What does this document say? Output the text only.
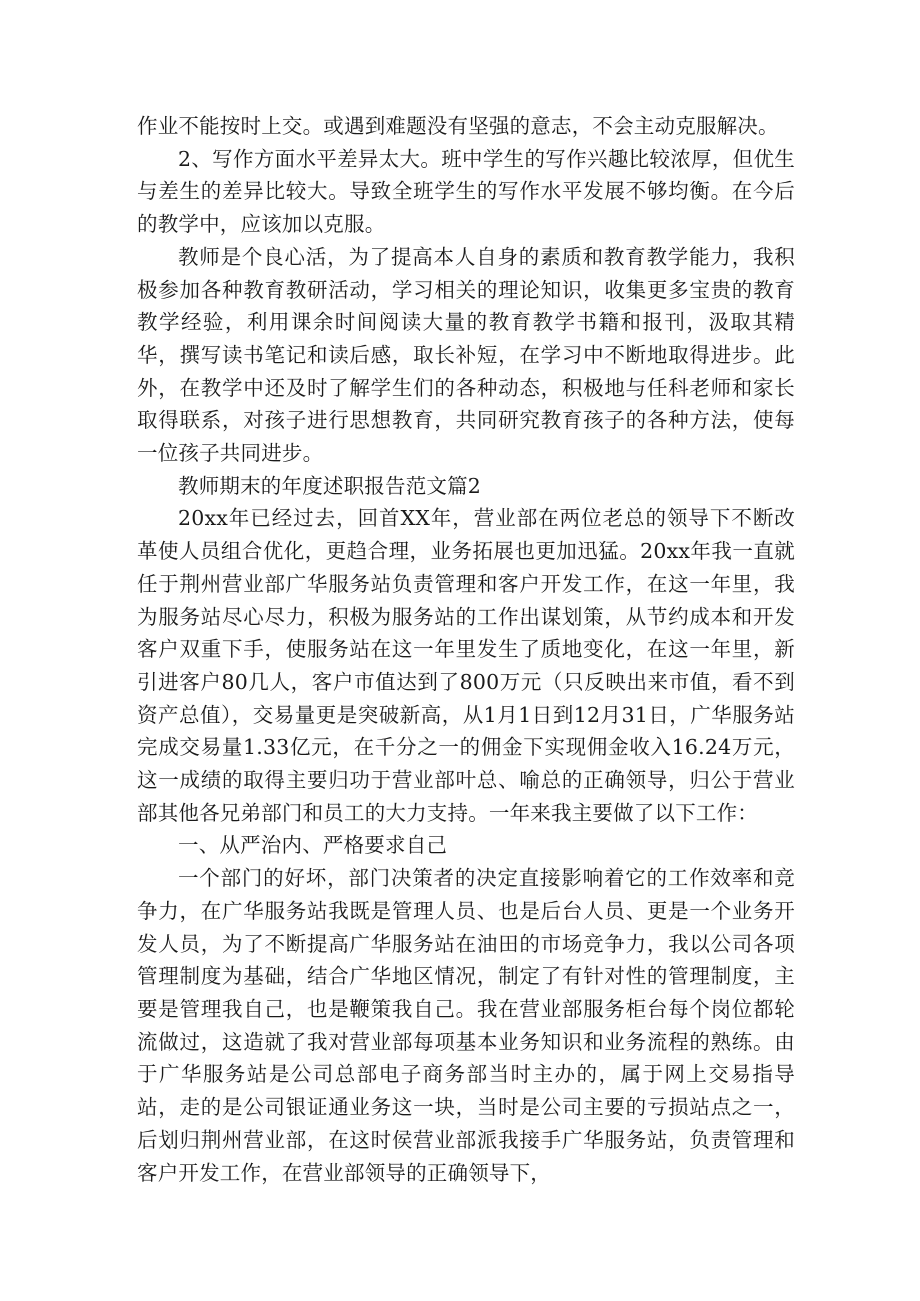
作业不能按时上交。或遇到难题没有坚强的意志，不会主动克服解决。

2、写作方面水平差异太大。班中学生的写作兴趣比较浓厚，但优生与差生的差异比较大。导致全班学生的写作水平发展不够均衡。在今后的教学中，应该加以克服。

教师是个良心活，为了提高本人自身的素质和教育教学能力，我积极参加各种教育教研活动，学习相关的理论知识，收集更多宝贵的教育教学经验，利用课余时间阅读大量的教育教学书籍和报刊，汲取其精华，撰写读书笔记和读后感，取长补短，在学习中不断地取得进步。此外，在教学中还及时了解学生们的各种动态，积极地与任科老师和家长取得联系，对孩子进行思想教育，共同研究教育孩子的各种方法，使每一位孩子共同进步。

教师期末的年度述职报告范文篇2

20xx年已经过去，回首XX年，营业部在两位老总的领导下不断改革使人员组合优化，更趋合理，业务拓展也更加迅猛。20xx年我一直就任于荆州营业部广华服务站负责管理和客户开发工作，在这一年里，我为服务站尽心尽力，积极为服务站的工作出谋划策，从节约成本和开发客户双重下手，使服务站在这一年里发生了质地变化，在这一年里，新引进客户80几人，客户市值达到了800万元（只反映出来市值，看不到资产总值），交易量更是突破新高，从1月1日到12月31日，广华服务站完成交易量1.33亿元，在千分之一的佣金下实现佣金收入16.24万元，这一成绩的取得主要归功于营业部叶总、喻总的正确领导，归公于营业部其他各兄弟部门和员工的大力支持。一年来我主要做了以下工作：

一、从严治内、严格要求自己

一个部门的好坏，部门决策者的决定直接影响着它的工作效率和竞争力，在广华服务站我既是管理人员、也是后台人员、更是一个业务开发人员，为了不断提高广华服务站在油田的市场竞争力，我以公司各项管理制度为基础，结合广华地区情况，制定了有针对性的管理制度，主要是管理我自己，也是鞭策我自己。我在营业部服务柜台每个岗位都轮流做过，这造就了我对营业部每项基本业务知识和业务流程的熟练。由于广华服务站是公司总部电子商务部当时主办的，属于网上交易指导站，走的是公司银证通业务这一块，当时是公司主要的亏损站点之一，后划归荆州营业部，在这时侯营业部派我接手广华服务站，负责管理和客户开发工作，在营业部领导的正确领导下，
